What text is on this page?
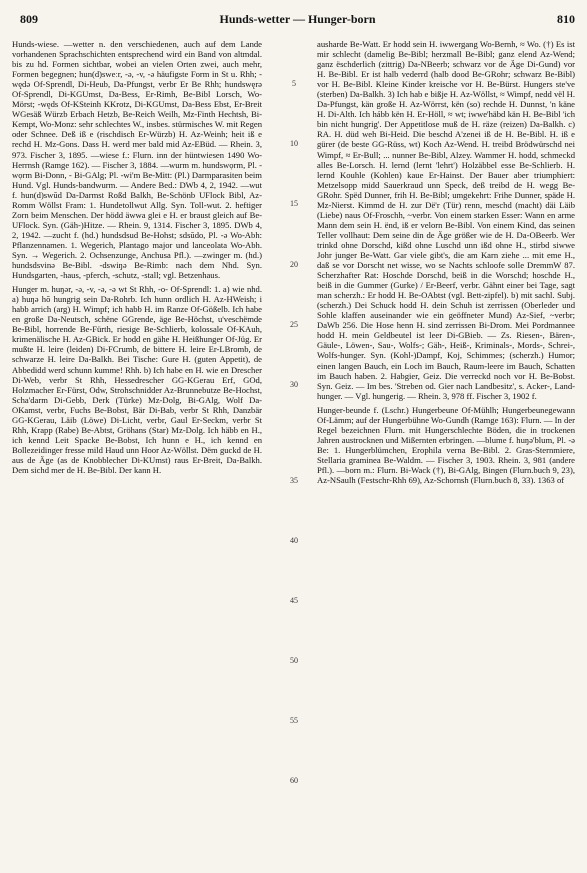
809	Hunds-wetter — Hunger-born	810

Hunds-wiese. —wetter n. den verschiedenen, auch auf dem Lande vorhandenen Sprachschichten entsprechend wird ein Band von altmdal. bis zu hd. Formen sichtbar, wobei an vielen Orten zwei, auch mehr, Formen begegnen; hun(d)sweːr, -ə, -v, -ə häufigste Form in St u. Rhh; -wędə Of-Sprendl, Di-Heub, Da-Pfungst, verbr Er Be Rhh; hundswęrə Of-Sprendl, Di-KGUmst, Da-Bess, Er-Rimh, Be-Bibl Lorsch, Wo-Mörst; -węds Of-KSteinh KKrotz, Di-KGUmst, Da-Bess Ebst, Er-Breit WGesäß Würzb Erbach Hetzb, Be-Reich Weilh, Mz-Finth Hechtsh, Bi-Kempt, Wo-Monz: sehr schlechtes W., insbes. stürmisches W. mit Regen oder Schnee. Deß iß e (rischdisch Er-Würzb) H. Az-Weinh; heit iß e rechd H. Mz-Gons. Dass H. werd mer bald mid Az-EBüd. — Rhein. 3, 973. Fischer 3, 1895. —wiese f.: Flurn. inn der hüntwiesen 1490 Wo-Herrnsh (Ramge 162). — Fischer 3, 1884. —wurm m. hundswọrm, Pl. -wọrm Bi-Donn, - Bi-GAlg; Pl. -wi'm Be-Mitt: (Pl.) Darmparasiten beim Hund. Vgl. Hunds-bandwurm. — Andere Bed.: DWb 4, 2, 1942. —wut f. hun(d)swūd Da-Darmst Roßd Balkh, Be-Schönb UFlock Bibl, Az-Romm Wöllst Fram: 1. Hundetollwut Allg. Syn. Toll-wut. 2. heftiger Zorn beim Menschen. Der hödd äwwa glei e H. er braust gleich auf Be-UFlock. Syn. (Gäh-)Hitze. — Rhein. 9, 1314. Fischer 3, 1895. DWb 4, 2, 1942. —zucht f. (hd.) hundsdsud Be-Hohst; sdsūdo, Pl. -ə Wo-Abh: Pflanzennamen. 1. Wegerich, Plantago major und lanceolata Wo-Abh. Syn. → Wegerich. 2. Ochsenzunge, Anchusa Pfl.). —zwinger m. (hd.) hundsdsvinə Be-Bibl. -dswiŋə Be-Rimb: nach dem Nhd. Syn. Hundsgarten, -haus, -pferch, -schutz, -stall; vgl. Betzenhaus.

Hunger m. huŋər, -ə, -v, -ə, -ə wt St Rhh, -o- Of-Sprendl: 1. a) wie nhd. a) huŋə hō hungrig sein Da-Rohrb. Ich hunn ordlich H. Az-HWeish; i habb arrich (arg) H. Wimpf; ich habb H. im Ranze Of-Gößelb. Ich habe en große Da-Neutsch, schëne GGrende, äge Be-Höchst, u'veschëmde Be-Bibl, horrende Be-Fürth, riesige Be-Schlierb, kolossale Of-KAuh, krimenälische H. Az-GBick. Er hodd en gähe H. Heißhunger Of-Jüg. Er mußte H. leire (leiden) Di-FCrumb, de bittere H. leire Er-LBromb, de schwarze H. leire Da-Balkh. Bei Tische: Gure H. (guten Appetit), de Abbedidd werd schunn kumme! Rhh. b) Ich habe en H. wie en Drescher Di-Web, verbr St Rhh, Hessedrescher GG-KGerau Erf, GOd, Holzmacher Er-Fürst, Odw, Strohschnidder Az-Brunnebutze Be-Hochst, Scha'darm Di-Gebb, Derk (Türke) Mz-Dolg, Bi-GAlg, Wolf Da-OKamst, verbr, Fuchs Be-Bobst, Bär Di-Bab, verbr St Rhh, Danzbär GG-KGerau, Läib (Löwe) Di-Licht, verbr, Gaul Er-Seckm, verbr St Rhh, Krapp (Rabe) Be-Abtst, Gröhans (Star) Mz-Dolg. Ich häbb en H., ich kennd Leit Spacke Be-Bobst, Ich hunn e H., ich kennd en Bollezeidinger fresse mild Haud unn Hoor Az-Wöllst. Dëm guckd de H. aus de Äge (as de Knobblecher Di-KUmst) raus Er-Breit, Da-Balkh. Dem sichd mer de H. Be-Bibl. Der kann H.

5
10
15
20
25
30
35
40
45
50
55
60

ausharde Be-Watt. Er hodd sein H. iwwergang Wo-Bernh, ≈ Wo. (†) Es ist mir schlecht (damelig Be-Bibl; herzmall Be-Bibl; ganz elend Az-Wend; ganz ëschderlich (zittrig) Da-NBeerb; schwarz vor de Äge Di-Gund) vor H. Be-Bibl. Er ist halb vederrd (halb dood Be-GRohr; schwarz Be-Bibl) vor H. Be-Bibl. Kleine Kinder kreische vor H. Be-Bürst. Hungers ste've (sterben) Da-Balkh. 3) Ich hab e bißje H. Az-Wöllst, ≈ Wimpf, nedd vël H. Da-Pfungst, kän große H. Az-Wörrst, kën (so) rechde H. Dunnst, 'n käne H. Di-Alth. Ich hább kën H. Er-Höll, ≈ wt; iwwe'häbd kän H. Be-Bibl 'ich bin nicht hungrig'. Der Appetitlose muß de H. räze (reizen) Da-Balkh. c) RA. H. düd weh Bi-Heid. Die beschd A'zenei iß de H. Be-Bibl. H. iß e gürer (de beste GG-Rüss, wt) Koch Az-Wend. H. treibd Brödwürschd nei Wimpf, ≈ Er-Bull; ... nunner Be-Bibl, Alzey. Wammer H. hodd, schmeckd alles Be-Lorsch. H. lernd (lernt 'lehrt') Holzäbbel esse Be-Schlierb. H. lernd Kouhle (Kohlen) kaue Er-Hainst. Der Bauer aber triumphiert: Metzelsopp midd Sauerkraud unn Speck, deß treibd de H. wegg Be-GRohr. Spëd Dunner, frih H. Be-Bibl; umgekehrt: Frihe Dunner, späde H. Mz-Nierst. Kimmd de H. zur Dë'r (Tür) renn, meschd (macht) däi Läib (Liebe) naus Of-Froschh, ~verbr. Von einem starken Esser: Wann en arme Mann dem sein H. ënd, iß er velorn Be-Bibl. Von einem Kind, das seinen Teller vollhaut: Dem seine din de Äge größer wie de H. Da-OBeerb. Wer trinkd ohne Dorschd, kißd ohne Luschd unn ißd ohne H., stirbd siwwe Johr junger Be-Watt. Gar viele gibt's, die am Karn ziehe ... mit eme H., daß se vor Dorscht net wisse, wo se Nachts schloofe solle DremmW 87. Scherzhafter Rat: Hoschde Dorschd, beiß in die Worschd; hoschde H., beiß in die Gummer (Gurke) / Er-Beerf, verbr. Gähnt einer bei Tage, sagt man scherzh.: Er hodd H. Be-OAbtst (vgl. Bett-zipfel). b) mit sachl. Subj. (scherzh.) Dei Schuck hodd H. dein Schuh ist zerrissen (Oberleder und Sohle klaffen auseinander wie ein geöffneter Mund) Az-Sief, ~verbr; DaWb 256. Die Hose henn H. sind zerrissen Bi-Drom. Mei Pordmannee hodd H. mein Geldbeutel ist leer Di-GBieb. — Zs. Riesen-, Bären-, Gäule-, Löwen-, Sau-, Wolfs-; Gäh-, Heiß-, Kriminals-, Mords-, Schrei-, Wolfs-hunger. Syn. (Kohl-)Dampf, Koj, Schimmes; (scherzh.) Humor; einen langen Bauch, ein Loch im Bauch, Raum-leere im Bauch, Schatten im Bauch haben. 2. Habgier, Geiz. Die verreckd noch vor H. Be-Bobst. Syn. Geiz. — Im bes. 'Streben od. Gier nach Landbesitz', s. Acker-, Land-hunger. — Vgl. hungerig. — Rhein. 3, 978 ff. Fischer 3, 1902 f.

Hunger-beunde f. (Lschr.) Hungerbeune Of-Mühlh; Hungerbeunegewann Of-Lämm; auf der Hungerbühne Wo-Gundh (Ramge 163): Flurn. — In der Regel bezeichnen Flurn. mit Hungerschlechte Böden, die in trockenen Jahren austrocknen und Mißernten erbringen. —blume f. huŋə'blum, Pl. -ə Be: 1. Hungerblümchen, Erophila verna Be-Bibl. 2. Gras-Sternmiere, Stellaria graminea Be-Waldm. — Fischer 3, 1903. Rhein. 3, 981 (andere Pfl.). —born m.: Flurn. Bi-Wack (†), Bi-GAlg, Bingen (Flurn.buch 9, 23), Az-NSaulh (Festschr-Rhh 69), Az-Schornsh (Flurn.buch 8, 33). 1363 of
